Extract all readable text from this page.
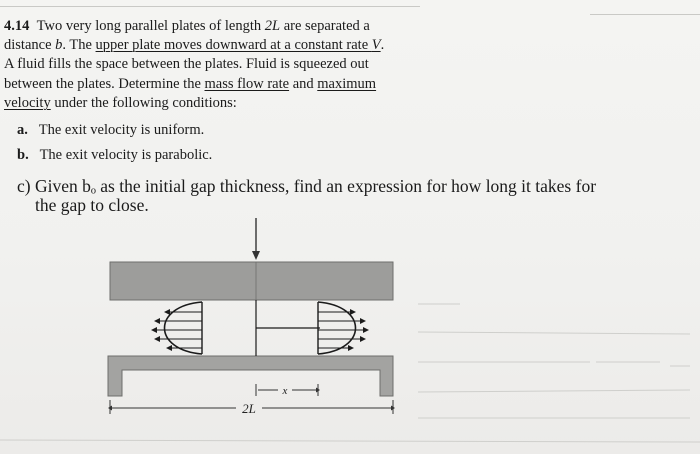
4.14 Two very long parallel plates of length 2L are separated a
distance b. The upper plate moves downward at a constant rate V.
A fluid fills the space between the plates. Fluid is squeezed out
between the plates. Determine the mass flow rate and maximum
velocity under the following conditions:
a. The exit velocity is uniform.
b. The exit velocity is parabolic.
c) Given bₒ as the initial gap thickness, find an expression for how long it takes for
the gap to close.
x
2L
